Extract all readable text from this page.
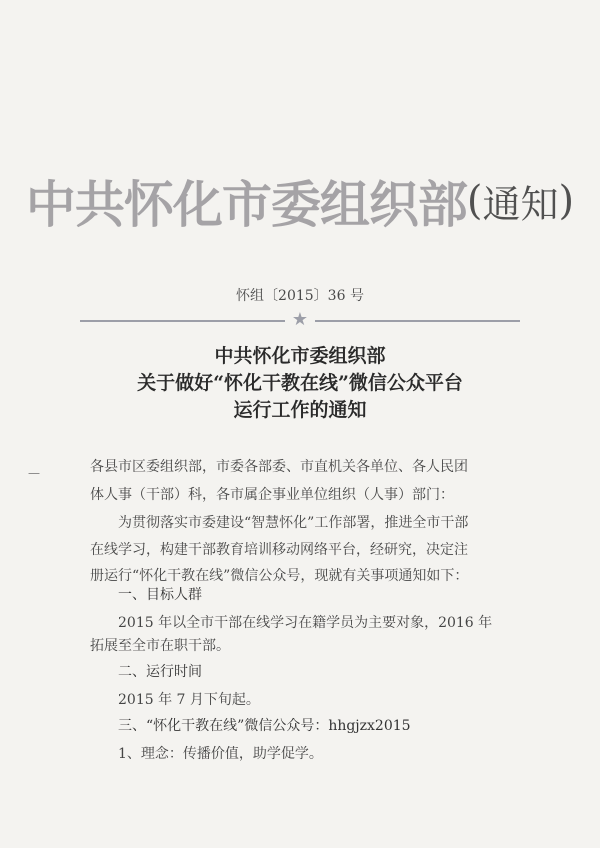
中共怀化市委组织部(通知)
怀组〔2015〕36 号
★
中共怀化市委组织部
关于做好“怀化干教在线”微信公众平台
运行工作的通知
—	各县市区委组织部，市委各部委、市直机关各单位、各人民团
体人事（干部）科，各市属企事业单位组织（人事）部门：
为贯彻落实市委建设“智慧怀化”工作部署，推进全市干部
在线学习，构建干部教育培训移动网络平台，经研究，决定注
册运行“怀化干教在线”微信公众号，现就有关事项通知如下：
一、目标人群
2015 年以全市干部在线学习在籍学员为主要对象，2016 年
拓展至全市在职干部。
二、运行时间
2015 年 7 月下旬起。
三、“怀化干教在线”微信公众号：hhgjzx2015
1、理念：传播价值，助学促学。
